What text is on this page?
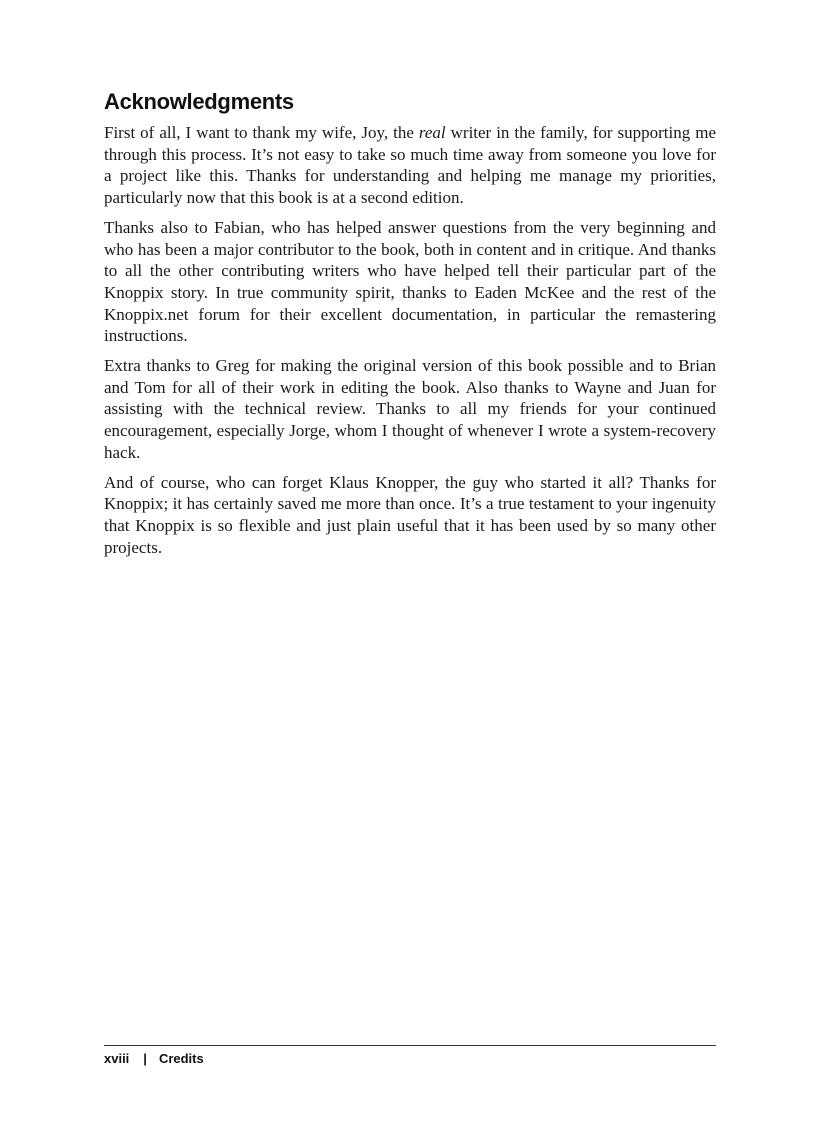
Acknowledgments

First of all, I want to thank my wife, Joy, the real writer in the family, for supporting me through this process. It’s not easy to take so much time away from someone you love for a project like this. Thanks for understanding and helping me manage my priorities, particularly now that this book is at a second edition.

Thanks also to Fabian, who has helped answer questions from the very beginning and who has been a major contributor to the book, both in content and in critique. And thanks to all the other contributing writers who have helped tell their particular part of the Knoppix story. In true community spirit, thanks to Eaden McKee and the rest of the Knoppix.net forum for their excellent documentation, in particular the remastering instructions.

Extra thanks to Greg for making the original version of this book possible and to Brian and Tom for all of their work in editing the book. Also thanks to Wayne and Juan for assisting with the technical review. Thanks to all my friends for your continued encouragement, especially Jorge, whom I thought of whenever I wrote a system-recovery hack.

And of course, who can forget Klaus Knopper, the guy who started it all? Thanks for Knoppix; it has certainly saved me more than once. It’s a true testament to your ingenuity that Knoppix is so flexible and just plain useful that it has been used by so many other projects.

xviii | Credits
